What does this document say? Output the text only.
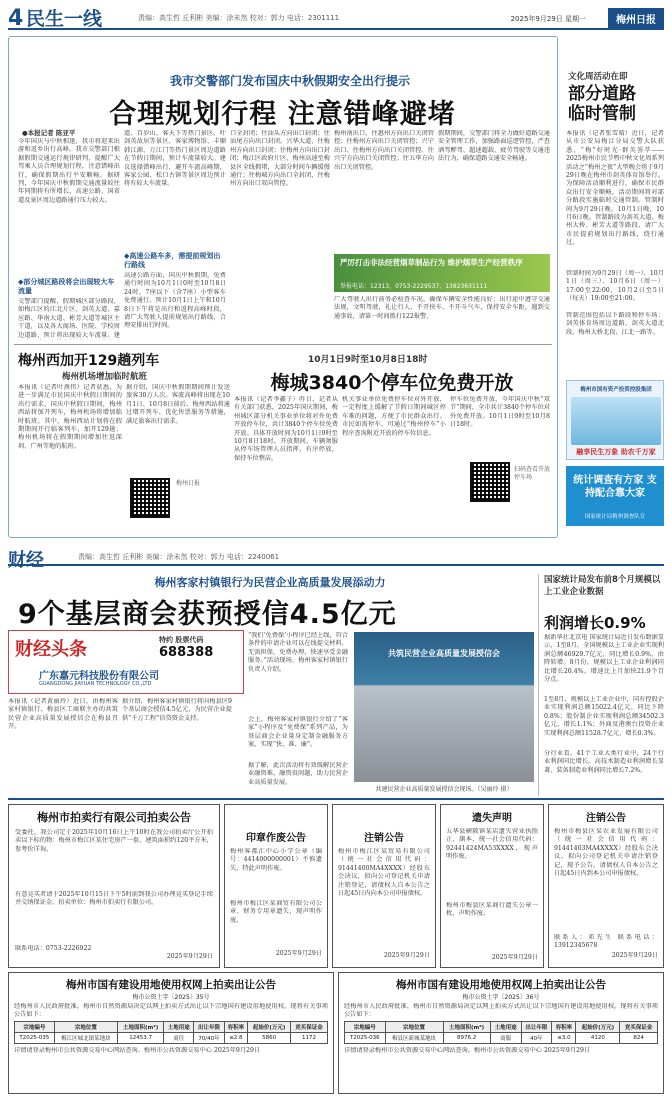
4 民生一线	责编：高生哲 丘利彬 美编：涂未然 校对：郭力 电话：2301111	2025年9月29日 星期一	梅州日报
我市交警部门发布国庆中秋假期安全出行提示
合理规划行程 注意错峰避堵
●本报记者 陈亚平
今年国庆与中秋相逢，我市将迎来出游和返乡出行高峰。我市交警部门根据假期交通运行规律研判，提醒广大驾乘人员合理规划行程，注意错峰出行，确保假期出行平安顺畅。据研判，今年国庆中秋假期交通流量较往年同期将有所增长，高速公路、国省道及景区周边道路通行压力较大。
◆部分城区路段将会出现较大车流量
交警部门提醒，假期城区部分路段，如梅江区的江北片区、剑英大道、嘉应路、华南大道、彬芳大道等城区主干道，以及各大商场、医院、学校周边道路，预计将出现较大车流量。建
道、百岁山、客天下等热门景区、叶剑英故居等景区，客家博物馆、丰顺韩江源、万江门等热门景区周边道路在节假日期间，预计车流量较大。建议选择错峰出行，避开车流高峰期，客家公园、松口古镇等景区周边预计将有较大车流量。
◆高速公路车多，需提前规划出行路线
高速公路方面，国庆中秋假期，免费通行时间为10月1日0时至10月8日24时，7座以下（含7座）小型客车免费通行。预计10月1日上午和10月8日下午将是出行和返程高峰时段，请广大驾驶人提前规划出行路线，合理安排出行时间。
口全封闭；往汕头方向出口封闭；往汕尾方向出口封闭。兴华大道、往梅州方向出口封闭；往梅州方向出口封闭；梅江区政府片区、梅州高速至梅县区全线拥堵，大部分时间车辆缓慢通行；往梅城方向出口全封闭，往梅州方向出口双向管控。
梅州南出口、往惠州方向出口关闭管控；往梅州方向出口关闭管控；兴宁出口、往梅州方向出口关闭管控、往兴宁方向出口关闭管控；往五华方向出口关闭管控。
假期期间，交警部门将全力做好道路交通安全管理工作，加强路面巡逻管控，严查酒驾醉驾、超速超载、疲劳驾驶等交通违法行为，确保道路交通安全畅通。
严厉打击非法经营烟草制品行为 维护烟草生产经营秩序
举报电话：12313，0753-2229537、13823631111
广大驾驶人出行前务必检查车况，确保车辆安全性能良好；出行途中遵守交通法规，文明驾驶，礼让行人，不开快车、不开斗气车，保持安全车距。遇到交通事故，请第一时间拨打122报警。
文化周活动在即
部分道路
临时管制
本报讯（记者张雪晴）近日，记者从市公安局梅江分局交警大队获悉，“梅”好时光·群英荟萃——2025梅州市民节暨中秋文化周系列活动之“梅州之夜”大型晚会将于9月29日晚在梅州市剑英体育馆举行。为保障活动顺利进行，确保市民群众出行安全顺畅，活动期间将对部分路段实施临时交通管制。管制时间为9月29日晚，10月1日晚，10月6日晚。管制路段为剑英大道、梅州大桥、彬芳大道等路段，请广大市民提前规划出行路线，绕行通过。
管制时间为9月29日（周一）、10月1日（周三）、10月6日（周一）17:00至22:00，10月2日至5日（每天）19:00至21:00。
管制范围包括以下路段和停车场：剑英体育场周边道路、剑英大道北段、梅州大桥北段、江北一路等。
梅州市国有资产投资控股集团
融享民生万象 助农千万家
统计调查有方家 支持配合靠大家
国家统计局梅州调查队宣
梅州西加开129趟列车
梅州机场增加临时航班
本报讯（记者叶燕伟）记者获悉，为进一步满足市民国庆中秋假日期间的出行需求，国庆中秋假日期间，梅州西站将加开列车，梅州机场将增加临时航班。其中，梅州西站计划将在假期期间开行临客列车，加开129趟；梅州机场将在假期期间增加往返深圳、广州等地的航班。
据介绍，国庆中秋假期期间预计发送旅客30万人次。客流高峰将出现在10月1日、10月8日前后。梅州西站将通过增开列车、优化售票服务等措施，满足旅客出行需求。
梅州日报
10月1日9时至10月8日18时
梅城3840个停车位免费开放
本报讯（记者李鑫子）昨日，记者从有关部门获悉，2025年国庆期间，梅州城区部分机关事业单位将对外免费开放停车位，共计3840个停车位免费开放。具体开放时间为10月1日9时至10月8日18时。开放期间，车辆须服从停车场管理人员指挥，有序停放，保持车位整洁。
机关事业单位免费停车位对外开放，一定程度上缓解了节假日期间城区停车难的问题，方便了市民群众出行。市民如需停车，可通过“梅州停车”小程序查询附近开放的停车位信息。
停车位免费开放，今年国庆中秋“双节”期间，全市共计3840个停车位对外免费开放。10月1日9时至10月8日18时。
扫码查看开放停车场
财经	责编：高生哲 丘利彬 美编：涂未然 校对：郭力 电话：2240061
梅州客家村镇银行为民营企业高质量发展添动力
9个基层商会获预授信4.5亿元
财经头条	特约 股票代码
688388
广东嘉元科技股份有限公司
GUANGDONG JIAYUAN TECHNOLOGY CO.,LTD
本报讯（记者黄丽玲）近日，由梅州客家村镇银行、梅县区工商联主办的共筑民营企业高质量发展授信会在梅县召开。
据介绍，梅州客家村镇银行将向梅县区9个基层商会授信4.5亿元，为民营企业提供“千万工程”信贷资金支持。
“我们‘免费保’小程序已经上线，符合条件的申请企业可以在线提交材料，无需担保、免费办理，快速享受金融服务。”活动现场，梅州客家村镇银行负责人介绍。
会上，梅州客家村镇银行介绍了“客家”小程序及“免费保”系列产品，为基层商会企业量身定制金融服务方案，实现“快、准、廉”。
据了解，此次活动将有效缓解民营企业融资难、融资贵问题，助力民营企业高质量发展。
共筑民营企业高质量发展授信会
共建民营企业高质量发展授信会现场。（吴丽玲 摄）
国家统计局发布前8个月规模以上工业企业数据
利润增长0.9%
据新华社北京电 国家统计局近日发布数据显示，1至8月，全国规模以上工业企业实现利润总额46929.7亿元，同比增长0.9%，由降转增。8月份，规模以上工业企业利润同比增长20.4%，增速比上月加快21.9个百分点。
1至8月，规模以上工业企业中，国有控股企业实现利润总额15022.4亿元，同比下降0.8%；股份制企业实现利润总额34502.3亿元，增长1.1%；外商及港澳台投资企业实现利润总额11528.7亿元，增长0.3%。
分行业看，41个工业大类行业中，24个行业利润同比增长。高技术制造业利润增长显著，装备制造业利润同比增长7.2%。
梅州市拍卖行有限公司拍卖公告
受委托，我公司定于2025年10月16日上午10时在我公司拍卖厅公开拍卖以下标的物：梅州市梅江区某住宅房产一套，建筑面积约120平方米，参考价详询。
有意竞买者请于2025年10月15日下午5时前到我公司办理竞买登记手续并交纳保证金。拍卖单位：梅州市拍卖行有限公司。
联系电话：0753-2226922
2025年9月29日
印章作废公告
梅州客都汇中心小学公章（编号：4414000000001）不慎遗失，特此声明作废。
梅州市梅江区某商贸有限公司公章、财务专用章遗失，现声明作废。
2025年9月29日
注销公告
梅州市梅江区某贸易有限公司（统一社会信用代码：91441400MA4XXXX）经股东会决议，拟向公司登记机关申请注销登记，请债权人自本公告之日起45日内向本公司申报债权。
2025年9月29日
遗失声明
五华县横陂镇某店遗失营业执照正、副本，统一社会信用代码：92441424MA53XXXX，现声明作废。
梅州市梅县区某商行遗失公章一枚，声明作废。
2025年9月29日
注销公告
梅州市梅县区某农业发展有限公司（统一社会信用代码：91441403MA4XXXX）经股东会决议，拟向公司登记机关申请注销登记，现予公告。请债权人自本公告之日起45日内到本公司申报债权。
联系人：邓先生 联系电话：13912345678
2025年9月29日
梅州市国有建设用地使用权网上拍卖出让公告
梅市公资土字〔2025〕35号
经梅州市人民政府批准，梅州市自然资源局决定以网上拍卖方式出让以下宗地国有建设用地使用权。现将有关事项公告如下：
宗地编号	宗地位置	土地面积(m²)	土地用途	出让年限	容积率	起始价(万元)	竞买保证金
T2025-035	梅江区城北镇某地块	12453.7	商住	70/40年	≤2.8	5860	1172
详情请登录梅州市公共资源交易中心网站查询。梅州市公共资源交易中心 2025年9月29日
梅州市国有建设用地使用权网上拍卖出让公告
梅市公资土字〔2025〕36号
经梅州市人民政府批准，梅州市自然资源局决定以网上拍卖方式出让以下宗地国有建设用地使用权。现将有关事项公告如下：
宗地编号	宗地位置	土地面积(m²)	土地用途	出让年限	容积率	起始价(万元)	竞买保证金
T2025-036	梅县区新城某地块	8976.2	商服	40年	≤3.0	4120	824
详情请登录梅州市公共资源交易中心网站查询。梅州市公共资源交易中心 2025年9月29日
